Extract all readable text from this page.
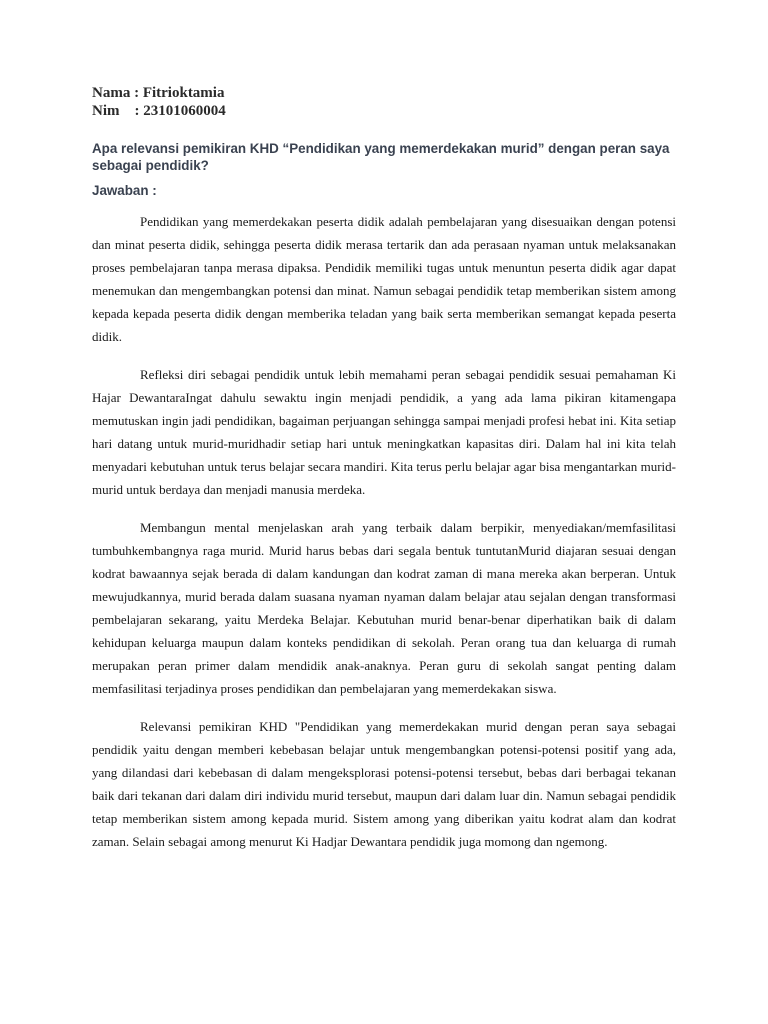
Nama : Fitrioktamia
Nim    : 23101060004
Apa relevansi pemikiran KHD “Pendidikan yang memerdekakan murid” dengan peran saya sebagai pendidik?
Jawaban :

Pendidikan yang memerdekakan peserta didik adalah pembelajaran yang disesuaikan dengan potensi dan minat peserta didik, sehingga peserta didik merasa tertarik dan ada perasaan nyaman untuk melaksanakan proses pembelajaran tanpa merasa dipaksa. Pendidik memiliki tugas untuk menuntun peserta didik agar dapat menemukan dan mengembangkan potensi dan minat. Namun sebagai pendidik tetap memberikan sistem among kepada kepada peserta didik dengan memberika teladan yang baik serta memberikan semangat kepada peserta didik.

Refleksi diri sebagai pendidik untuk lebih memahami peran sebagai pendidik sesuai pemahaman Ki Hajar DewantaraIngat dahulu sewaktu ingin menjadi pendidik, a yang ada lama pikiran kitamengapa memutuskan ingin jadi pendidikan, bagaiman perjuangan sehingga sampai menjadi profesi hebat ini. Kita setiap hari datang untuk murid-muridhadir setiap hari untuk meningkatkan kapasitas diri. Dalam hal ini kita telah menyadari kebutuhan untuk terus belajar secara mandiri. Kita terus perlu belajar agar bisa mengantarkan murid-murid untuk berdaya dan menjadi manusia merdeka.

Membangun mental menjelaskan arah yang terbaik dalam berpikir, menyediakan/memfasilitasi tumbuhkembangnya raga murid. Murid harus bebas dari segala bentuk tuntutanMurid diajaran sesuai dengan kodrat bawaannya sejak berada di dalam kandungan dan kodrat zaman di mana mereka akan berperan. Untuk mewujudkannya, murid berada dalam suasana nyaman nyaman dalam belajar atau sejalan dengan transformasi pembelajaran sekarang, yaitu Merdeka Belajar. Kebutuhan murid benar-benar diperhatikan baik di dalam kehidupan keluarga maupun dalam konteks pendidikan di sekolah. Peran orang tua dan keluarga di rumah merupakan peran primer dalam mendidik anak-anaknya. Peran guru di sekolah sangat penting dalam memfasilitasi terjadinya proses pendidikan dan pembelajaran yang memerdekakan siswa.

Relevansi pemikiran KHD "Pendidikan yang memerdekakan murid dengan peran saya sebagai pendidik yaitu dengan memberi kebebasan belajar untuk mengembangkan potensi-potensi positif yang ada, yang dilandasi dari kebebasan di dalam mengeksplorasi potensi-potensi tersebut, bebas dari berbagai tekanan baik dari tekanan dari dalam diri individu murid tersebut, maupun dari dalam luar din. Namun sebagai pendidik tetap memberikan sistem among kepada murid. Sistem among yang diberikan yaitu kodrat alam dan kodrat zaman. Selain sebagai among menurut Ki Hadjar Dewantara pendidik juga momong dan ngemong.
